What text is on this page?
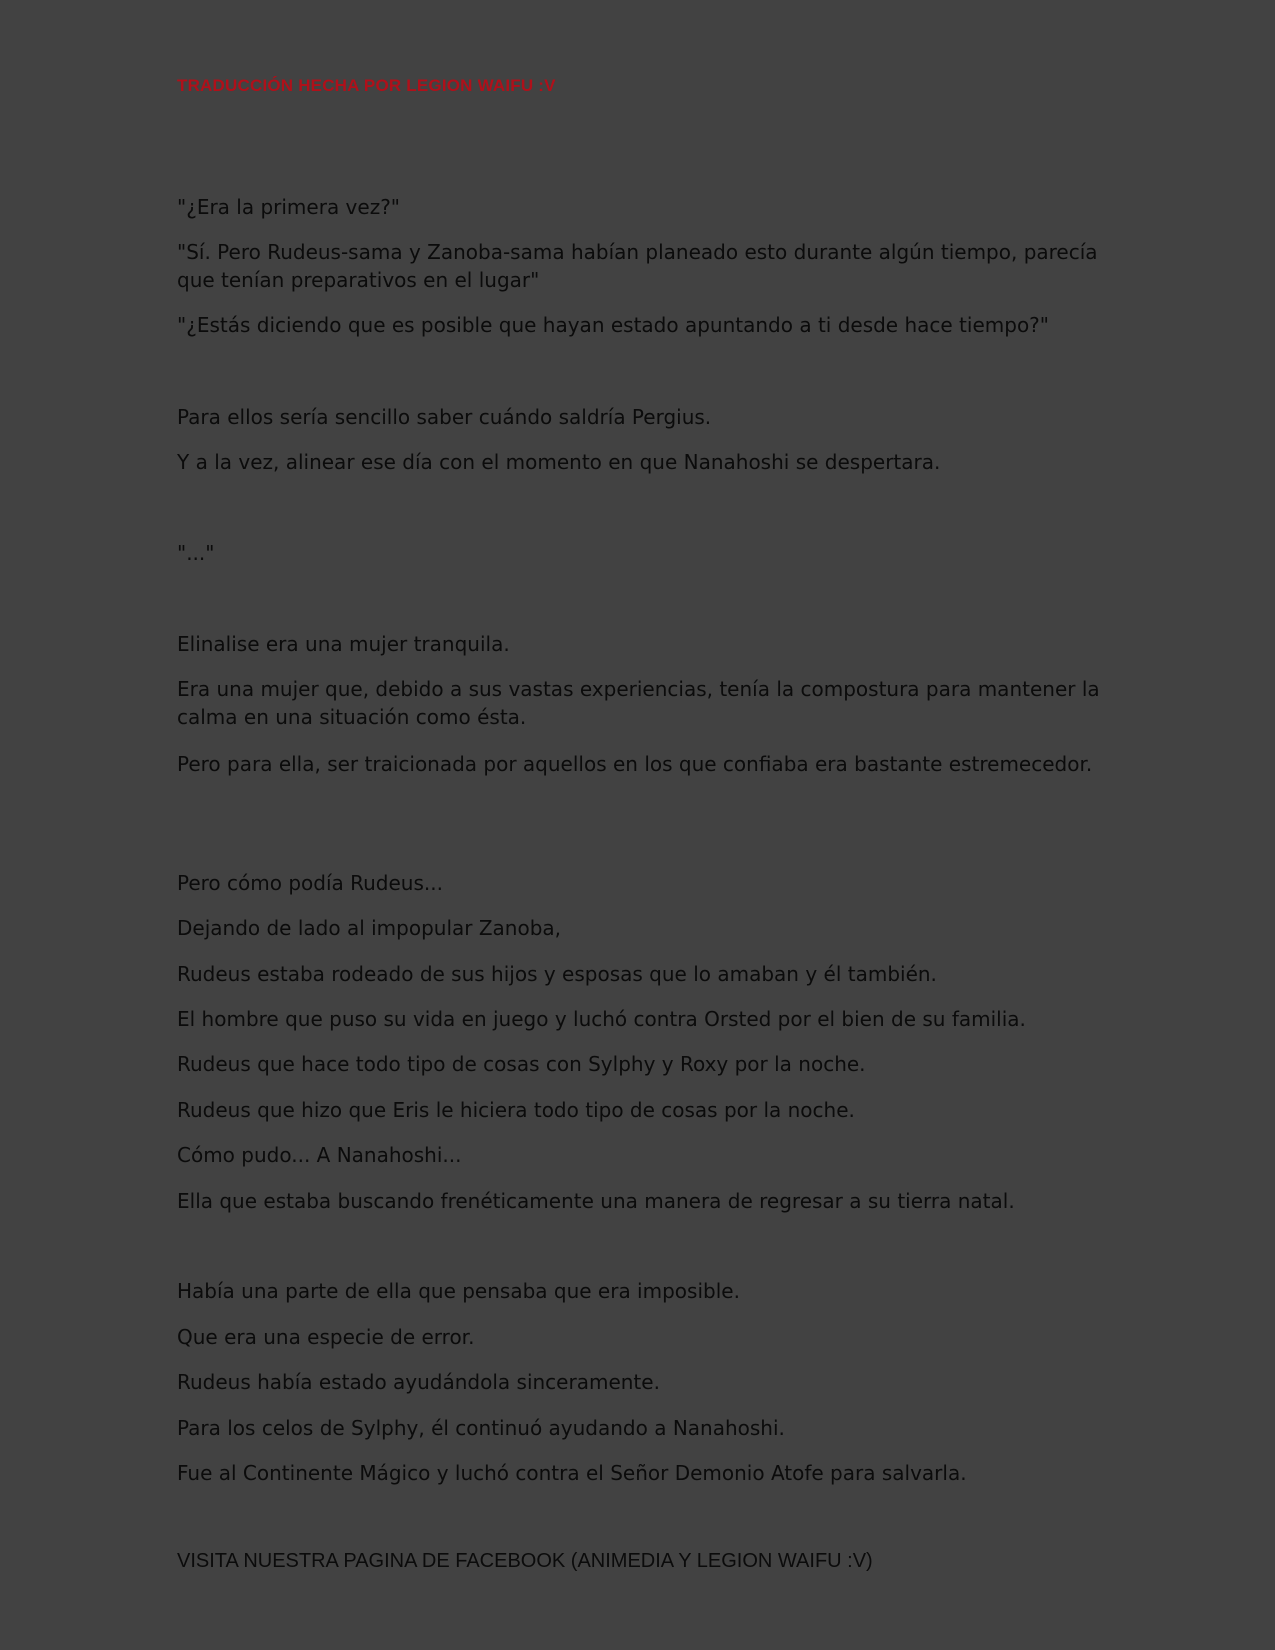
TRADUCCIÓN HECHA POR LEGION WAIFU :V
"¿Era la primera vez?"
"Sí. Pero Rudeus-sama y Zanoba-sama habían planeado esto durante algún tiempo, parecía que tenían preparativos en el lugar"
"¿Estás diciendo que es posible que hayan estado apuntando a ti desde hace tiempo?"
Para ellos sería sencillo saber cuándo saldría Pergius.
Y a la vez, alinear ese día con el momento en que Nanahoshi se despertara.
"..."
Elinalise era una mujer tranquila.
Era una mujer que, debido a sus vastas experiencias, tenía la compostura para mantener la calma en una situación como ésta.
Pero para ella, ser traicionada por aquellos en los que confiaba era bastante estremecedor.
Pero cómo podía Rudeus...
Dejando de lado al impopular Zanoba,
Rudeus estaba rodeado de sus hijos y esposas que lo amaban y él también.
El hombre que puso su vida en juego y luchó contra Orsted por el bien de su familia.
Rudeus que hace todo tipo de cosas con Sylphy y Roxy por la noche.
Rudeus que hizo que Eris le hiciera todo tipo de cosas por la noche.
Cómo pudo... A Nanahoshi...
Ella que estaba buscando frenéticamente una manera de regresar a su tierra natal.
Había una parte de ella que pensaba que era imposible.
Que era una especie de error.
Rudeus había estado ayudándola sinceramente.
Para los celos de Sylphy, él continuó ayudando a Nanahoshi.
Fue al Continente Mágico y luchó contra el Señor Demonio Atofe para salvarla.
VISITA NUESTRA PAGINA DE FACEBOOK (ANIMEDIA Y LEGION WAIFU :V)
